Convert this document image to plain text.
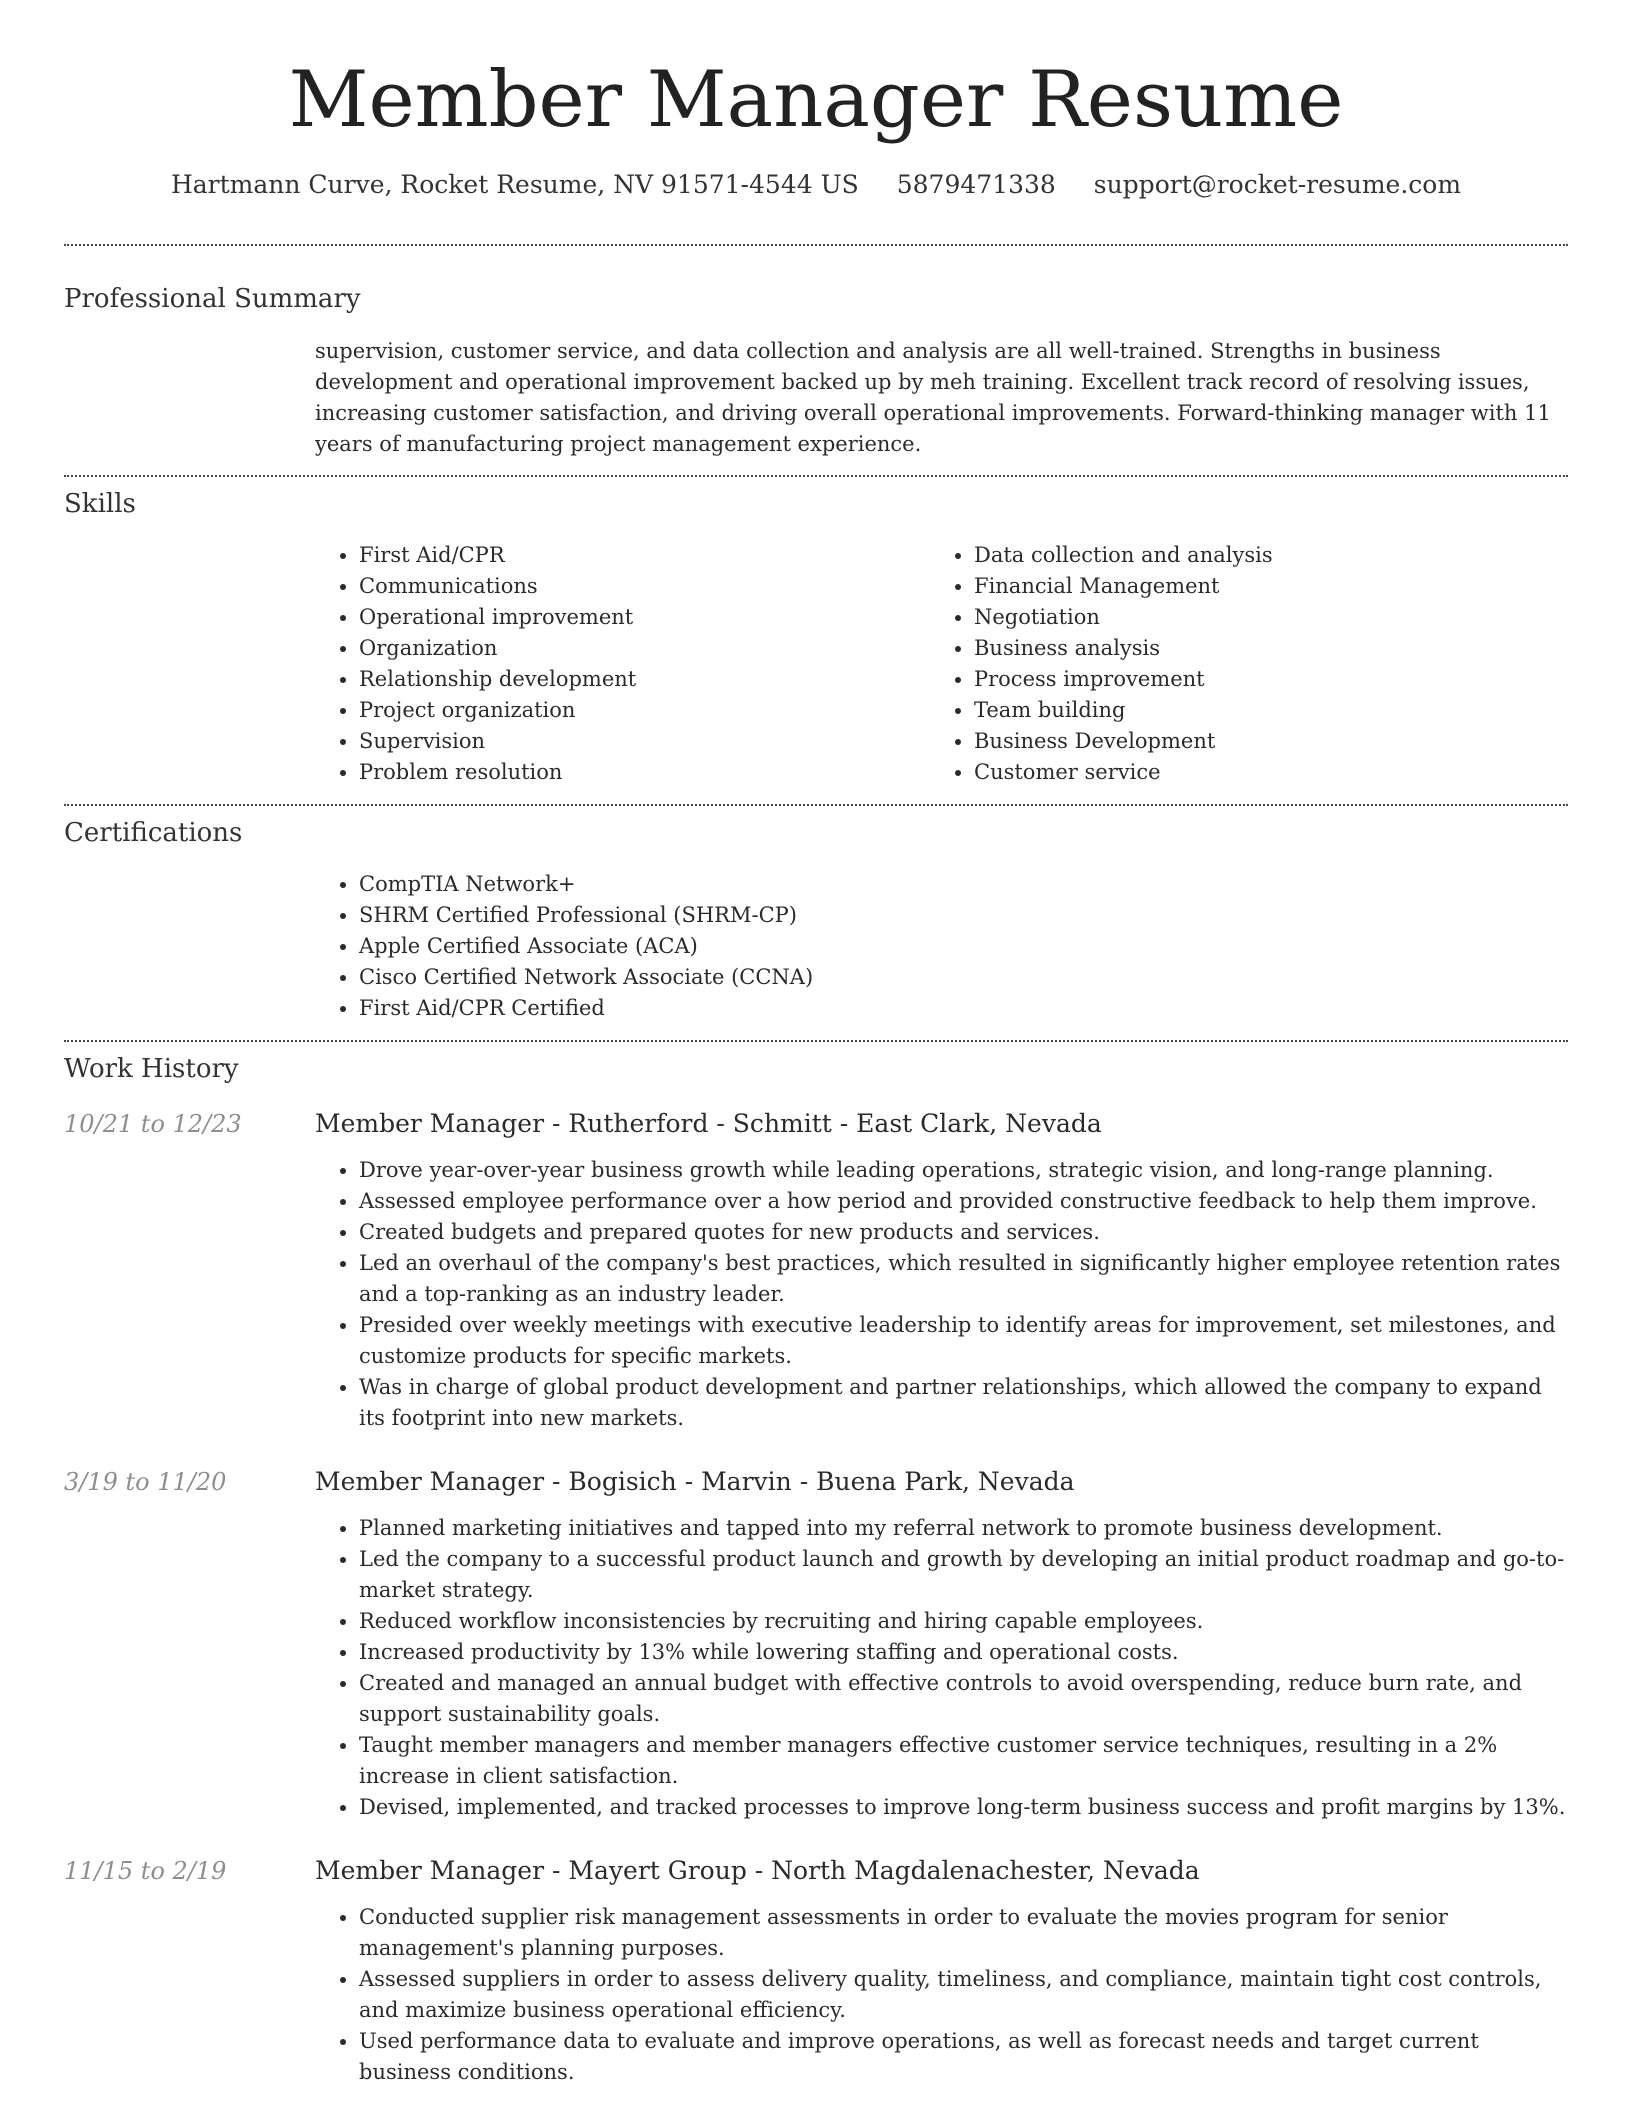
Member Manager Resume
Hartmann Curve, Rocket Resume, NV 91571-4544 US 5879471338 support@rocket-resume.com
Professional Summary

supervision, customer service, and data collection and analysis are all well-trained. Strengths in business development and operational improvement backed up by meh training. Excellent track record of resolving issues, increasing customer satisfaction, and driving overall operational improvements. Forward-thinking manager with 11 years of manufacturing project management experience.

Skills
• First Aid/CPR
• Communications
• Operational improvement
• Organization
• Relationship development
• Project organization
• Supervision
• Problem resolution
• Data collection and analysis
• Financial Management
• Negotiation
• Business analysis
• Process improvement
• Team building
• Business Development
• Customer service
Certifications
• CompTIA Network+
• SHRM Certified Professional (SHRM-CP)
• Apple Certified Associate (ACA)
• Cisco Certified Network Associate (CCNA)
• First Aid/CPR Certified
Work History
10/21 to 12/23	Member Manager - Rutherford - Schmitt - East Clark, Nevada
• Drove year-over-year business growth while leading operations, strategic vision, and long-range planning.
• Assessed employee performance over a how period and provided constructive feedback to help them improve.
• Created budgets and prepared quotes for new products and services.
• Led an overhaul of the company's best practices, which resulted in significantly higher employee retention rates and a top-ranking as an industry leader.
• Presided over weekly meetings with executive leadership to identify areas for improvement, set milestones, and customize products for specific markets.
• Was in charge of global product development and partner relationships, which allowed the company to expand its footprint into new markets.
3/19 to 11/20	Member Manager - Bogisich - Marvin - Buena Park, Nevada
• Planned marketing initiatives and tapped into my referral network to promote business development.
• Led the company to a successful product launch and growth by developing an initial product roadmap and go-to-market strategy.
• Reduced workflow inconsistencies by recruiting and hiring capable employees.
• Increased productivity by 13% while lowering staffing and operational costs.
• Created and managed an annual budget with effective controls to avoid overspending, reduce burn rate, and support sustainability goals.
• Taught member managers and member managers effective customer service techniques, resulting in a 2% increase in client satisfaction.
• Devised, implemented, and tracked processes to improve long-term business success and profit margins by 13%.
11/15 to 2/19	Member Manager - Mayert Group - North Magdalenachester, Nevada
• Conducted supplier risk management assessments in order to evaluate the movies program for senior management's planning purposes.
• Assessed suppliers in order to assess delivery quality, timeliness, and compliance, maintain tight cost controls, and maximize business operational efficiency.
• Used performance data to evaluate and improve operations, as well as forecast needs and target current business conditions.
